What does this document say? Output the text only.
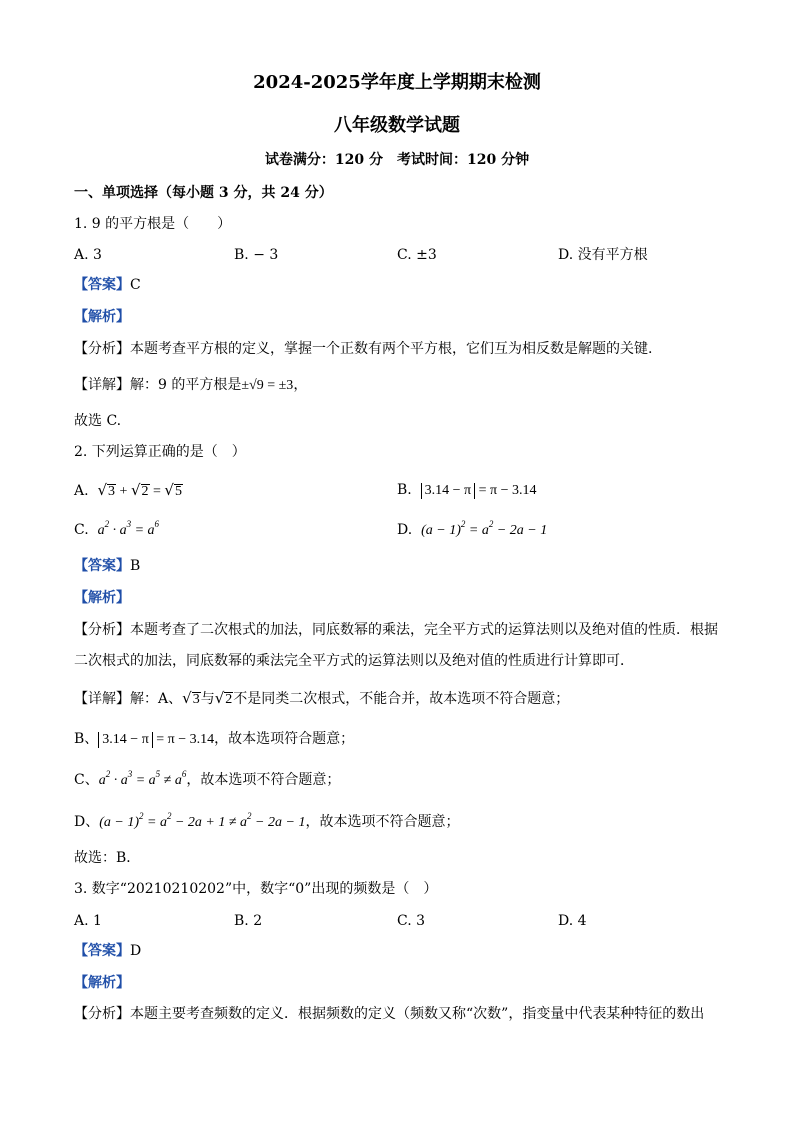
2024-2025学年度上学期期末检测
八年级数学试题
试卷满分：120 分　考试时间：120 分钟
一、单项选择（每小题 3 分，共 24 分）
1. 9 的平方根是（　　）
A. 3	B. − 3	C. ±3	D. 没有平方根
【答案】C
【解析】
【分析】本题考查平方根的定义，掌握一个正数有两个平方根，它们互为相反数是解题的关键.
【详解】解：9 的平方根是±√9 = ±3，
故选 C.
2. 下列运算正确的是（　）
A. √3 + √2 = √5	B. 3.14 − π = π − 3.14
C. $a^2 \cdot a^3 = a^6$	D. $(a - 1)^2 = a^2 - 2a - 1$
【答案】B
【解析】
【分析】本题考查了二次根式的加法，同底数幂的乘法，完全平方式的运算法则以及绝对值的性质．根据
二次根式的加法，同底数幂的乘法完全平方式的运算法则以及绝对值的性质进行计算即可．
【详解】解：A、√3与√2不是同类二次根式，不能合并，故本选项不符合题意；
B、 3.14 − π = π − 3.14，故本选项符合题意；
C、$a^2 \cdot a^3 = a^5 \ne a^6$，故本选项不符合题意；
D、$(a - 1)^2 = a^2 - 2a + 1 \ne a^2 - 2a - 1$，故本选项不符合题意；
故选：B．
3. 数字“20210210202”中，数字“0”出现的频数是（　）
A. 1	B. 2	C. 3	D. 4
【答案】D
【解析】
【分析】本题主要考查频数的定义．根据频数的定义（频数又称“次数”，指变量中代表某种特征的数出
